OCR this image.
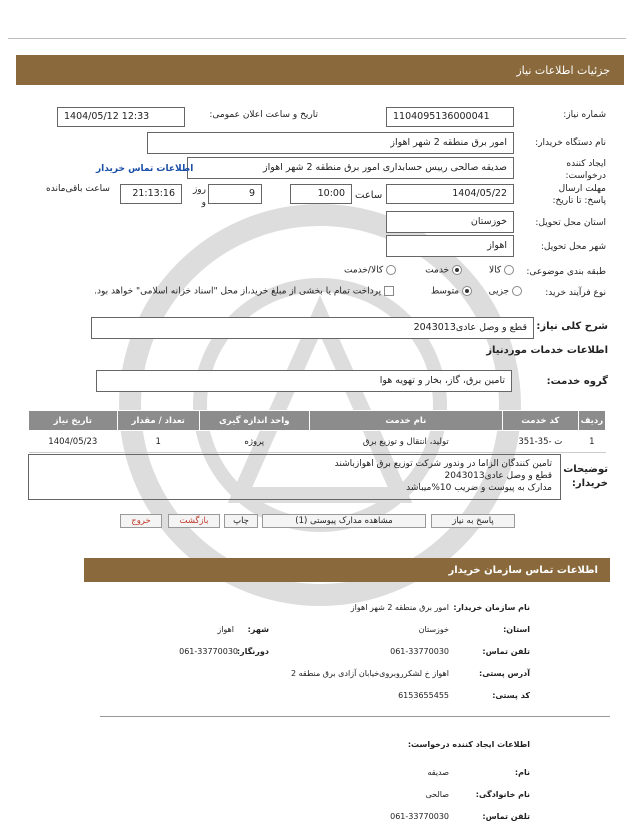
جزئیات اطلاعات نیاز
شماره نیاز:
1104095136000041
تاریخ و ساعت اعلان عمومی:
1404/05/12 12:33
نام دستگاه خریدار:
امور برق منطقه 2 شهر اهواز
ایجاد کننده درخواست:
صدیقه صالحی رییس حسابداری امور برق منطقه 2 شهر اهواز
اطلاعات تماس خریدار
مهلت ارسال پاسخ: تا تاریخ:
1404/05/22
ساعت
10:00
9
روز و
21:13:16
ساعت باقی‌مانده
استان محل تحویل:
خوزستان
شهر محل تحویل:
اهواز
طبقه بندی موضوعی:
کالا
خدمت
کالا/خدمت
نوع فرآیند خرید:
جزیی
متوسط
پرداخت تمام یا بخشی از مبلغ خرید،از محل "اسناد خزانه اسلامی" خواهد بود.
شرح کلی نیاز:
قطع و وصل عادی2043013
اطلاعات خدمات موردنیاز
گروه خدمت:
تامین برق، گاز، بخار و تهویه هوا
ردیف	کد خدمت	نام خدمت	واحد اندازه گیری	تعداد / مقدار	تاریخ نیاز
1	ت -35-351	تولید، انتقال و توزیع برق	پروژه	1	1404/05/23
توضیحات خریدار:
تامین کنندگان الزاما در وندور شرکت توزیع برق اهوازباشند
قطع و وصل عادی2043013
مدارک به پیوست و ضریب 10%میباشد
پاسخ به نیاز
مشاهده مدارک پیوستی (1)
چاپ
بازگشت
خروج
اطلاعات تماس سازمان خریدار
نام سازمان خریدار:
امور برق منطقه 2 شهر اهواز
استان:
خوزستان
شهر:
اهواز
تلفن تماس:
061-33770030
دورنگار:
061-33770030
آدرس پستی:
اهواز خ لشکرروبروی‌خیابان آزادی برق منطقه 2
کد پستی:
6153655455
اطلاعات ایجاد کننده درخواست:
نام:
صدیقه
نام خانوادگی:
صالحی
تلفن تماس:
061-33770030
